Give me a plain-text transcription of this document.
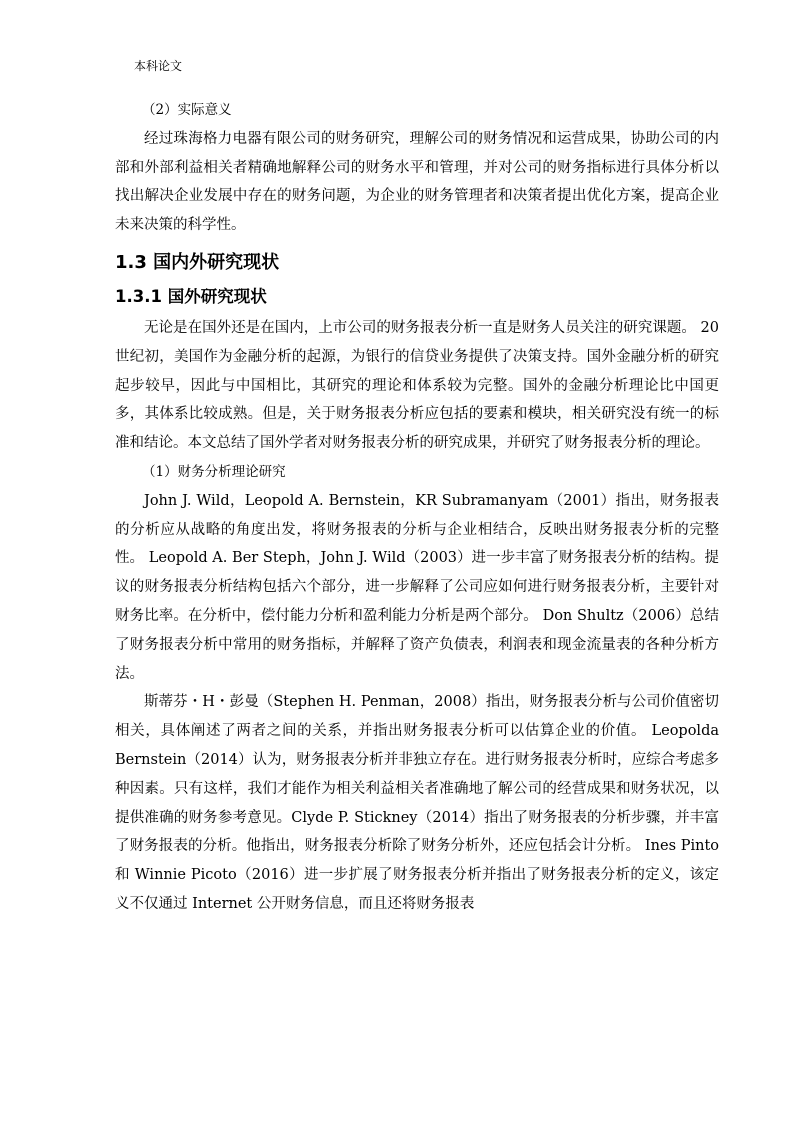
本科论文

（2）实际意义

经过珠海格力电器有限公司的财务研究，理解公司的财务情况和运营成果，协助公司的内部和外部利益相关者精确地解释公司的财务水平和管理，并对公司的财务指标进行具体分析以找出解决企业发展中存在的财务问题，为企业的财务管理者和决策者提出优化方案，提高企业未来决策的科学性。

1.3 国内外研究现状
1.3.1 国外研究现状

无论是在国外还是在国内，上市公司的财务报表分析一直是财务人员关注的研究课题。 20世纪初，美国作为金融分析的起源，为银行的信贷业务提供了决策支持。国外金融分析的研究起步较早，因此与中国相比，其研究的理论和体系较为完整。国外的金融分析理论比中国更多，其体系比较成熟。但是，关于财务报表分析应包括的要素和模块，相关研究没有统一的标准和结论。本文总结了国外学者对财务报表分析的研究成果，并研究了财务报表分析的理论。

（1）财务分析理论研究

John J. Wild，Leopold A. Bernstein，KR Subramanyam（2001）指出，财务报表的分析应从战略的角度出发，将财务报表的分析与企业相结合，反映出财务报表分析的完整性。 Leopold A. Ber Steph，John J. Wild（2003）进一步丰富了财务报表分析的结构。提议的财务报表分析结构包括六个部分，进一步解释了公司应如何进行财务报表分析，主要针对财务比率。在分析中，偿付能力分析和盈利能力分析是两个部分。 Don Shultz（2006）总结了财务报表分析中常用的财务指标，并解释了资产负债表，利润表和现金流量表的各种分析方法。

斯蒂芬・H・彭曼（Stephen H. Penman，2008）指出，财务报表分析与公司价值密切相关，具体阐述了两者之间的关系，并指出财务报表分析可以估算企业的价值。 Leopolda Bernstein（2014）认为，财务报表分析并非独立存在。进行财务报表分析时，应综合考虑多种因素。只有这样，我们才能作为相关利益相关者准确地了解公司的经营成果和财务状况，以提供准确的财务参考意见。Clyde P. Stickney（2014）指出了财务报表的分析步骤，并丰富了财务报表的分析。他指出，财务报表分析除了财务分析外，还应包括会计分析。 Ines Pinto 和 Winnie Picoto（2016）进一步扩展了财务报表分析并指出了财务报表分析的定义，该定义不仅通过 Internet 公开财务信息，而且还将财务报表
